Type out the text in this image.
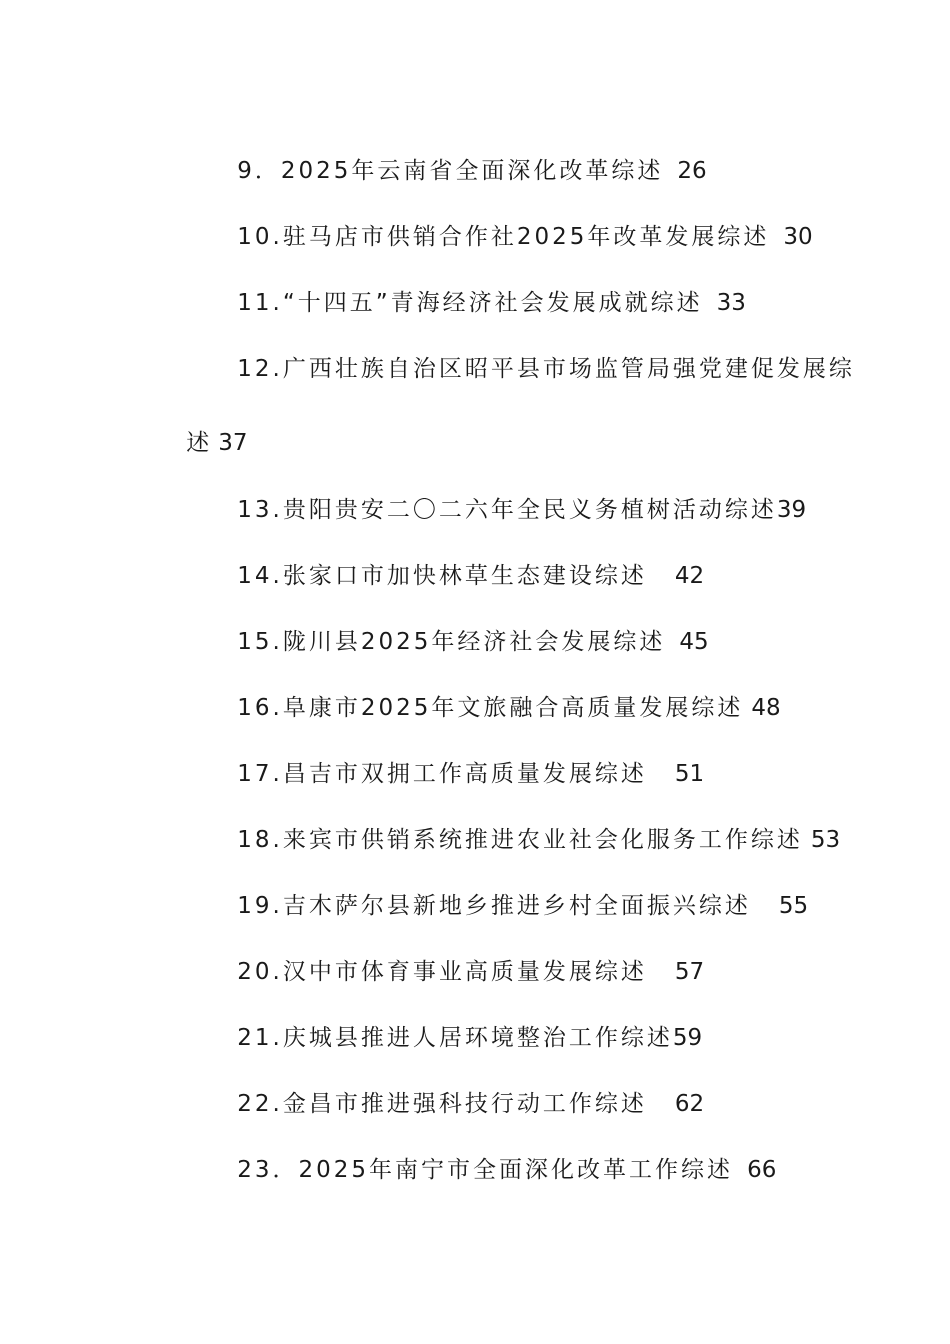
9．2025年云南省全面深化改革综述 26

10.驻马店市供销合作社2025年改革发展综述 30

11.“十四五”青海经济社会发展成就综述 33

12.广西壮族自治区昭平县市场监管局强党建促发展综

述 37

13.贵阳贵安二〇二六年全民义务植树活动综述39

14.张家口市加快林草生态建设综述 42

15.陇川县2025年经济社会发展综述 45

16.阜康市2025年文旅融合高质量发展综述 48

17.昌吉市双拥工作高质量发展综述 51

18.来宾市供销系统推进农业社会化服务工作综述 53

19.吉木萨尔县新地乡推进乡村全面振兴综述 55

20.汉中市体育事业高质量发展综述 57

21.庆城县推进人居环境整治工作综述59

22.金昌市推进强科技行动工作综述 62

23．2025年南宁市全面深化改革工作综述 66
